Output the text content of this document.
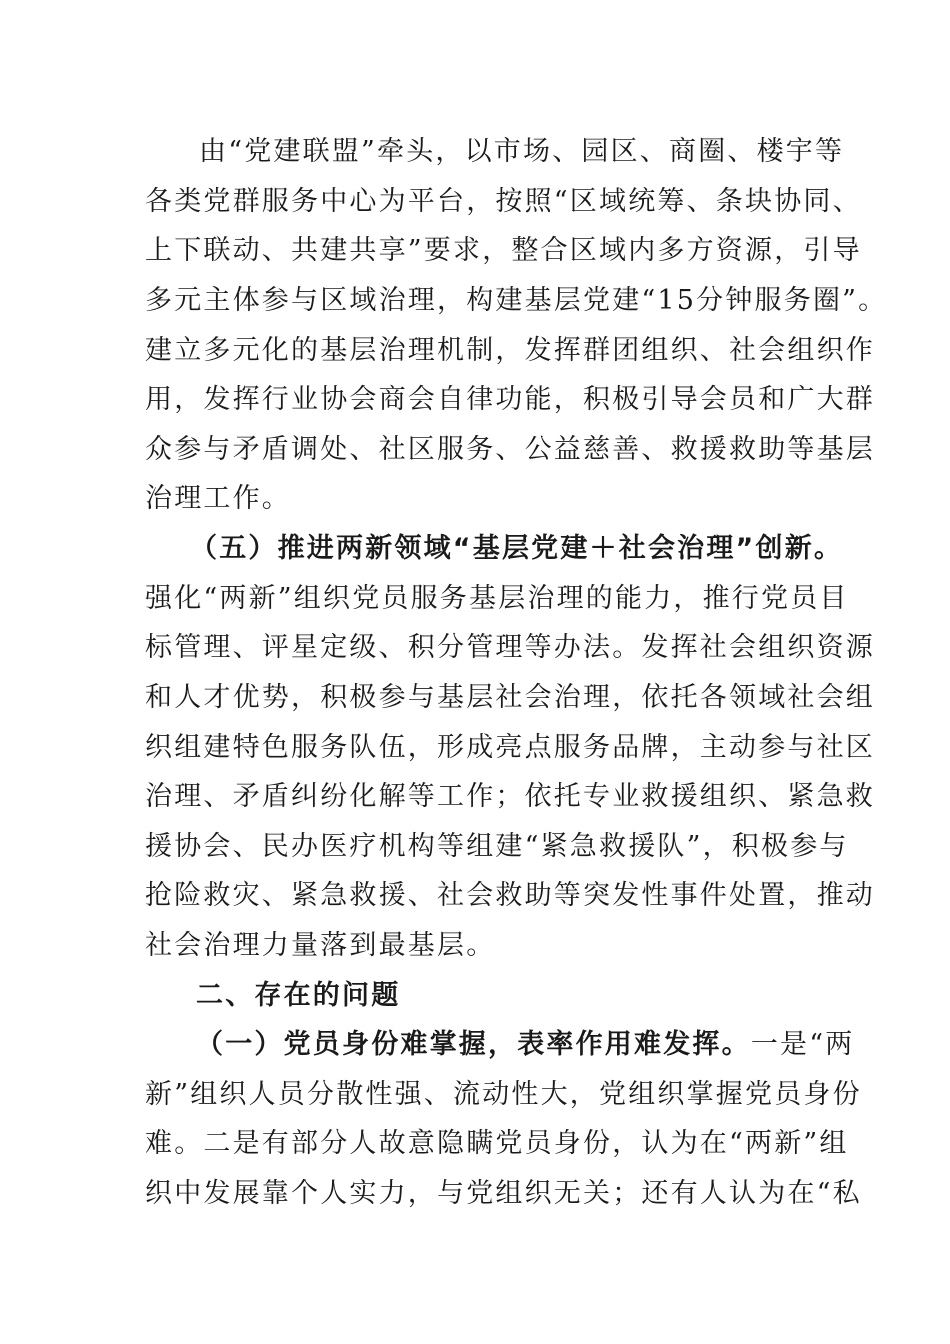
由“党建联盟”牵头，以市场、园区、商圈、楼宇等
各类党群服务中心为平台，按照“区域统筹、条块协同、
上下联动、共建共享”要求，整合区域内多方资源，引导
多元主体参与区域治理，构建基层党建“15分钟服务圈”。
建立多元化的基层治理机制，发挥群团组织、社会组织作
用，发挥行业协会商会自律功能，积极引导会员和广大群
众参与矛盾调处、社区服务、公益慈善、救援救助等基层
治理工作。
（五）推进两新领域“基层党建＋社会治理”创新。
强化“两新”组织党员服务基层治理的能力，推行党员目
标管理、评星定级、积分管理等办法。发挥社会组织资源
和人才优势，积极参与基层社会治理，依托各领域社会组
织组建特色服务队伍，形成亮点服务品牌，主动参与社区
治理、矛盾纠纷化解等工作；依托专业救援组织、紧急救
援协会、民办医疗机构等组建“紧急救援队”，积极参与
抢险救灾、紧急救援、社会救助等突发性事件处置，推动
社会治理力量落到最基层。
二、存在的问题
（一）党员身份难掌握，表率作用难发挥。一是“两
新”组织人员分散性强、流动性大，党组织掌握党员身份
难。二是有部分人故意隐瞒党员身份，认为在“两新”组
织中发展靠个人实力，与党组织无关；还有人认为在“私
